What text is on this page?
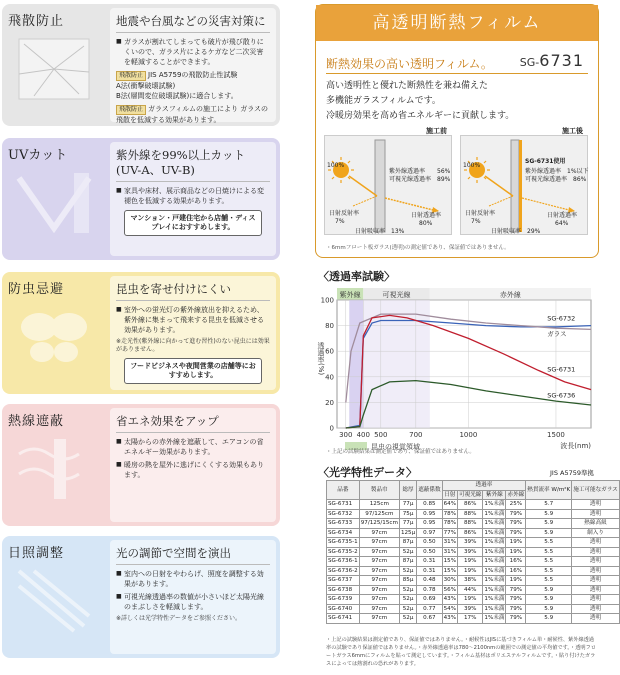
飛散防止	地震や台風などの災害対策に
■ ガラスが割れてしまっても破片が飛び散りにくいので、ガラス片によるケガなど二次災害を軽減することができます。
飛散防止 JIS A5759の飛散防止性試験
A法(衝撃破壊試験)
B法(層間変位破壊試験)に適合します。
飛散防止 ガラスフィルムの施工により ガラスの飛散を低減する効果があります。
UVカット	紫外線を99%以上カット (UV-A、UV-B)
■ 家具や床材、展示商品などの日焼けによる変褪色を低減する効果があります。
マンション・戸建住宅から店舗・ディスプレイにおすすめします。
防虫忌避	昆虫を寄せ付けにくい
■ 室外への蛍光灯の紫外線放出を抑えるため、紫外線に集まって飛来する昆虫を低減させる効果があります。
※走光性(紫外線に向かって進む習性)のない昆虫には効果がありません。
フードビジネスや夜間営業の店舗等におすすめします。
熱線遮蔽	省エネ効果をアップ
■ 太陽からの赤外線を遮蔽して、エアコンの省エネルギー効果があります。
■ 暖房の熱を屋外に逃げにくくする効果もあります。
日照調整	光の調節で空間を演出
■ 室内への日射をやわらげ、照度を調整する効果があります。
■ 可視光線透過率の数値が小さいほど太陽光線のまぶしさを軽減します。
※詳しくは光学特性データをご参照ください。
高透明断熱フィルム
断熱効果の高い透明フィルム。 SG-6731
高い透明性と優れた断熱性を兼ね備えた
多機能ガラスフィルムです。
冷暖房効果を高め省エネルギーに貢献します。
施工前
100%
紫外線透過率 56%
可視光線透過率 89%
日射反射率
7%
日射透過率
80%
日射吸収率 13%
施工後
SG-6731使用
100%
紫外線透過率 1%以下
可視光線透過率 86%
日射反射率
7%
日射透過率
64%
日射吸収率 29%
・6mmフロート板ガラス(透明)の測定値であり、保証値ではありません。
〈透過率試験〉
紫外線	可視光線	赤外線
0
20
40
60
80
100
300 400 500	700	1000	1500
透過率(%)
波長(nm)
昆虫の視覚領域
SG-6732
ガラス
SG-6731
SG-6736
・上記の試験結果は測定値であり、保証値ではありません。
〈光学特性データ〉	JIS A5759準拠
品番	製品巾	総厚	遮蔽係数	透過率				熱貫流率 W/m²K	施工可能なガラス
				日射	可視光線	紫外線	赤外線		
SG-6731	125cm	77μ	0.85	64%	86%	1%未満	25%	5.7	透明
SG-6732	97/125cm	75μ	0.95	78%	88%	1%未満	79%	5.9	透明
SG-6733	97/125/15cm	77μ	0.95	78%	88%	1%未満	79%	5.9	熱線高級
SG-6734	97cm	125μ	0.97	77%	86%	1%未満	79%	5.9	網入り
SG-6735-1	97cm	87μ	0.50	31%	39%	1%未満	19%	5.5	透明
SG-6735-2	97cm	52μ	0.50	31%	39%	1%未満	19%	5.5	透明
SG-6736-1	97cm	87μ	0.31	15%	19%	1%未満	16%	5.5	透明
SG-6736-2	97cm	52μ	0.31	15%	19%	1%未満	16%	5.5	透明
SG-6737	97cm	85μ	0.48	30%	38%	1%未満	19%	5.5	透明
SG-6738	97cm	52μ	0.78	56%	44%	1%未満	79%	5.9	透明
SG-6739	97cm	52μ	0.69	43%	19%	1%未満	79%	5.9	透明
SG-6740	97cm	52μ	0.77	54%	39%	1%未満	79%	5.9	透明
SG-6741	97cm	52μ	0.67	43%	17%	1%未満	79%	5.9	透明
・上記の試験結果は測定値であり、保証値ではありません。・耐候性はJISに基づきフィルム単・耐候性、紫外線透過率の試験であり保証値ではありません。・赤外線透過率は780〜2100nmの範囲での測定値の平均値です。・透明フロートガラス6mmにフィルムを貼って測定しています。・フィルム基材はポリエステルフィルムです。・貼り付けたガラスによっては熱割れの恐れがあります。
